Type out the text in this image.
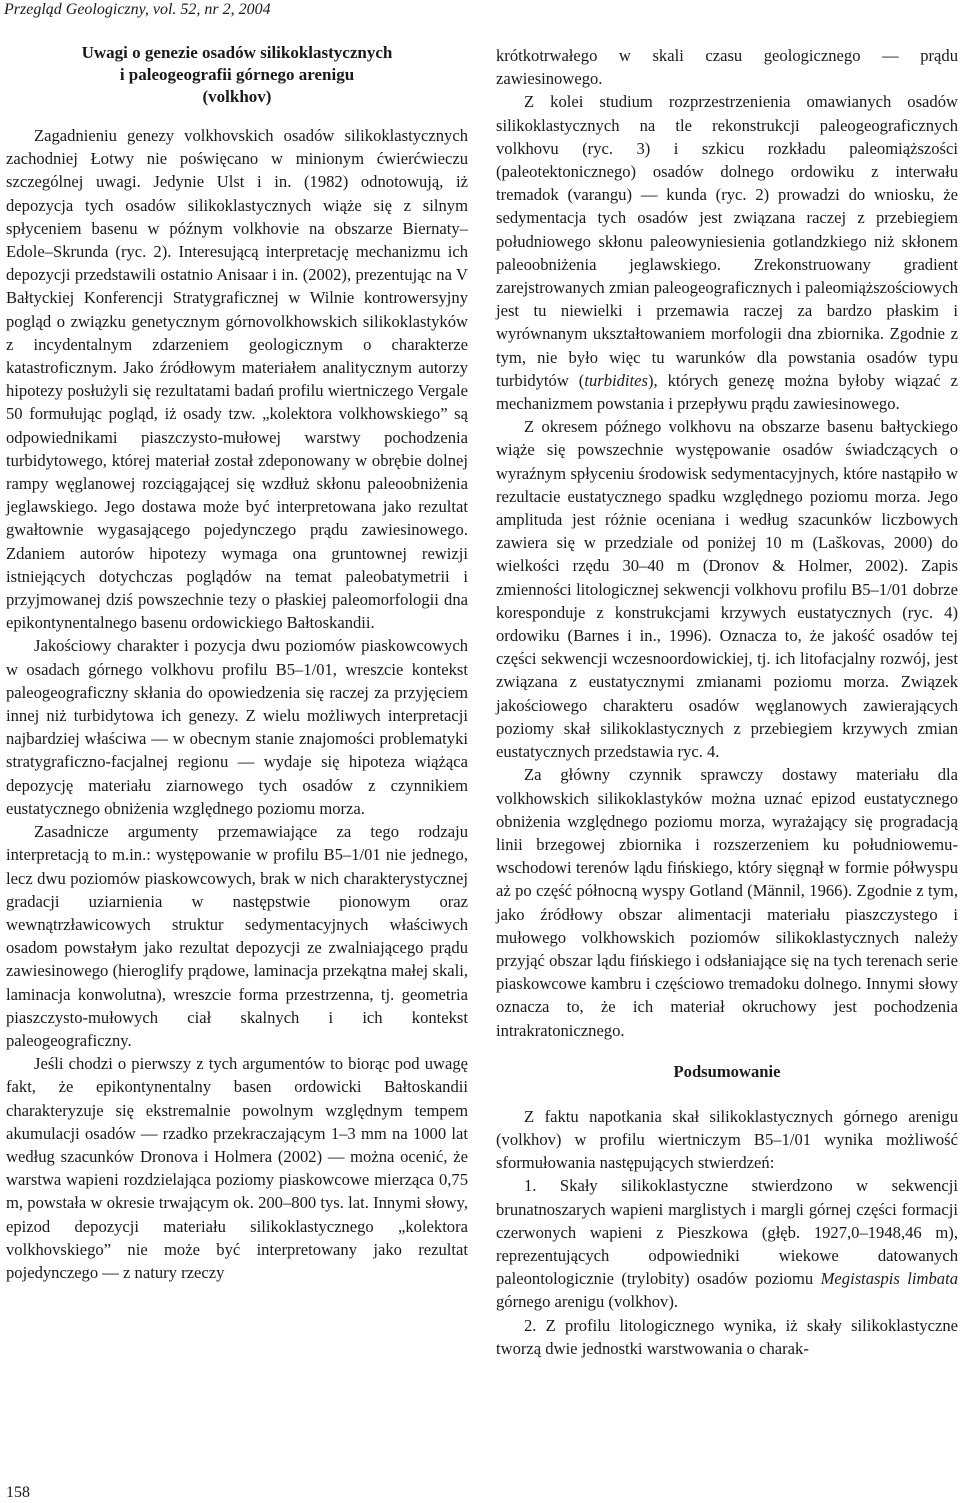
Przegląd Geologiczny, vol. 52, nr 2, 2004
Uwagi o genezie osadów silikoklastycznych
i paleogeografii górnego arenigu
(volkhov)

Zagadnieniu genezy volkhovskich osadów silikoklastycznych zachodniej Łotwy nie poświęcano w minionym ćwierćwieczu szczególnej uwagi. Jedynie Ulst i in. (1982) odnotowują, iż depozycja tych osadów silikoklastycznych wiąże się z silnym spłyceniem basenu w późnym volkhovie na obszarze Biernaty–Edole–Skrunda (ryc. 2). Interesującą interpretację mechanizmu ich depozycji przedstawili ostatnio Anisaar i in. (2002), prezentując na V Bałtyckiej Konferencji Stratygraficznej w Wilnie kontrowersyjny pogląd o związku genetycznym górnovolkhowskich silikoklastyków z incydentalnym zdarzeniem geologicznym o charakterze katastroficznym. Jako źródłowym materiałem analitycznym autorzy hipotezy posłużyli się rezultatami badań profilu wiertniczego Vergale 50 formułując pogląd, iż osady tzw. „kolektora volkhowskiego” są odpowiednikami piaszczysto-mułowej warstwy pochodzenia turbidytowego, której materiał został zdeponowany w obrębie dolnej rampy węglanowej rozciągającej się wzdłuż skłonu paleoobniżenia jeglawskiego. Jego dostawa może być interpretowana jako rezultat gwałtownie wygasającego pojedynczego prądu zawiesinowego. Zdaniem autorów hipotezy wymaga ona gruntownej rewizji istniejących dotychczas poglądów na temat paleobatymetrii i przyjmowanej dziś powszechnie tezy o płaskiej paleomorfologii dna epikontynentalnego basenu ordowickiego Bałtoskandii.

Jakościowy charakter i pozycja dwu poziomów piaskowcowych w osadach górnego volkhovu profilu B5–1/01, wreszcie kontekst paleogeograficzny skłania do opowiedzenia się raczej za przyjęciem innej niż turbidytowa ich genezy. Z wielu możliwych interpretacji najbardziej właściwa — w obecnym stanie znajomości problematyki stratygraficzno-facjalnej regionu — wydaje się hipoteza wiążąca depozycję materiału ziarnowego tych osadów z czynnikiem eustatycznego obniżenia względnego poziomu morza.

Zasadnicze argumenty przemawiające za tego rodzaju interpretacją to m.in.: występowanie w profilu B5–1/01 nie jednego, lecz dwu poziomów piaskowcowych, brak w nich charakterystycznej gradacji uziarnienia w następstwie pionowym oraz wewnątrzławicowych struktur sedymentacyjnych właściwych osadom powstałym jako rezultat depozycji ze zwalniającego prądu zawiesinowego (hieroglify prądowe, laminacja przekątna małej skali, laminacja konwolutna), wreszcie forma przestrzenna, tj. geometria piaszczysto-mułowych ciał skalnych i ich kontekst paleogeograficzny.

Jeśli chodzi o pierwszy z tych argumentów to biorąc pod uwagę fakt, że epikontynentalny basen ordowicki Bałtoskandii charakteryzuje się ekstremalnie powolnym względnym tempem akumulacji osadów — rzadko przekraczającym 1–3 mm na 1000 lat według szacunków Dronova i Holmera (2002) — można ocenić, że warstwa wapieni rozdzielająca poziomy piaskowcowe mierząca 0,75 m, powstała w okresie trwającym ok. 200–800 tys. lat. Innymi słowy, epizod depozycji materiału silikoklastycznego „kolektora volkhovskiego” nie może być interpretowany jako rezultat pojedynczego — z natury rzeczy

krótkotrwałego w skali czasu geologicznego — prądu zawiesinowego.

Z kolei studium rozprzestrzenienia omawianych osadów silikoklastycznych na tle rekonstrukcji paleogeograficznych volkhovu (ryc. 3) i szkicu rozkładu paleomiąższości (paleotektonicznego) osadów dolnego ordowiku z interwału tremadok (varangu) — kunda (ryc. 2) prowadzi do wniosku, że sedymentacja tych osadów jest związana raczej z przebiegiem południowego skłonu paleowyniesienia gotlandzkiego niż skłonem paleoobniżenia jeglawskiego. Zrekonstruowany gradient zarejstrowanych zmian paleogeograficznych i paleomiąższościowych jest tu niewielki i przemawia raczej za bardzo płaskim i wyrównanym ukształtowaniem morfologii dna zbiornika. Zgodnie z tym, nie było więc tu warunków dla powstania osadów typu turbidytów (turbidites), których genezę można byłoby wiązać z mechanizmem powstania i przepływu prądu zawiesinowego.

Z okresem późnego volkhovu na obszarze basenu bałtyckiego wiąże się powszechnie występowanie osadów świadczących o wyraźnym spłyceniu środowisk sedymentacyjnych, które nastąpiło w rezultacie eustatycznego spadku względnego poziomu morza. Jego amplituda jest różnie oceniana i według szacunków liczbowych zawiera się w przedziale od poniżej 10 m (Laškovas, 2000) do wielkości rzędu 30–40 m (Dronov & Holmer, 2002). Zapis zmienności litologicznej sekwencji volkhovu profilu B5–1/01 dobrze koresponduje z konstrukcjami krzywych eustatycznych (ryc. 4) ordowiku (Barnes i in., 1996). Oznacza to, że jakość osadów tej części sekwencji wczesnoordowickiej, tj. ich litofacjalny rozwój, jest związana z eustatycznymi zmianami poziomu morza. Związek jakościowego charakteru osadów węglanowych zawierających poziomy skał silikoklastycznych z przebiegiem krzywych zmian eustatycznych przedstawia ryc. 4.

Za główny czynnik sprawczy dostawy materiału dla volkhowskich silikoklastyków można uznać epizod eustatycznego obniżenia względnego poziomu morza, wyrażający się progradacją linii brzegowej zbiornika i rozszerzeniem ku południowemu-wschodowi terenów lądu fińskiego, który sięgnął w formie półwyspu aż po część północną wyspy Gotland (Männil, 1966). Zgodnie z tym, jako źródłowy obszar alimentacji materiału piaszczystego i mułowego volkhowskich poziomów silikoklastycznych należy przyjąć obszar lądu fińskiego i odsłaniające się na tych terenach serie piaskowcowe kambru i częściowo tremadoku dolnego. Innymi słowy oznacza to, że ich materiał okruchowy jest pochodzenia intrakratonicznego.

Podsumowanie

Z faktu napotkania skał silikoklastycznych górnego arenigu (volkhov) w profilu wiertniczym B5–1/01 wynika możliwość sformułowania następujących stwierdzeń:

1. Skały silikoklastyczne stwierdzono w sekwencji brunatnoszarych wapieni marglistych i margli górnej części formacji czerwonych wapieni z Pieszkowa (głęb. 1927,0–1948,46 m), reprezentujących odpowiedniki wiekowe datowanych paleontologicznie (trylobity) osadów poziomu Megistaspis limbata górnego arenigu (volkhov).

2. Z profilu litologicznego wynika, iż skały silikoklastyczne tworzą dwie jednostki warstwowania o charak-

158
